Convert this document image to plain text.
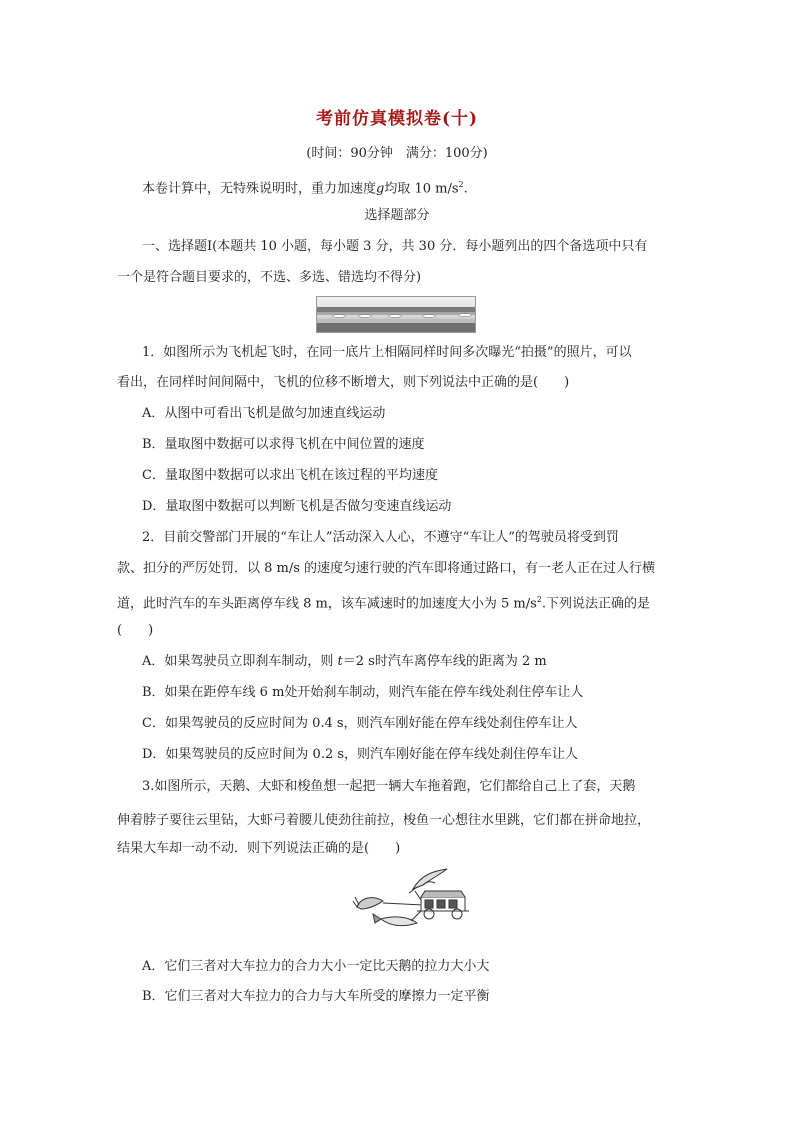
考前仿真模拟卷(十)
(时间：90分钟　满分：100分)
本卷计算中，无特殊说明时，重力加速度g均取 10 $m/s^2$.
选择题部分
一、选择题Ⅰ(本题共 10 小题，每小题 3 分，共 30 分．每小题列出的四个备选项中只有
一个是符合题目要求的，不选、多选、错选均不得分)
1．如图所示为飞机起飞时，在同一底片上相隔同样时间多次曝光“拍摄”的照片，可以
看出，在同样时间间隔中，飞机的位移不断增大，则下列说法中正确的是(　　)
A．从图中可看出飞机是做匀加速直线运动
B．量取图中数据可以求得飞机在中间位置的速度
C．量取图中数据可以求出飞机在该过程的平均速度
D．量取图中数据可以判断飞机是否做匀变速直线运动
2．目前交警部门开展的“车让人”活动深入人心，不遵守“车让人”的驾驶员将受到罚
款、扣分的严厉处罚．以 8 m/s 的速度匀速行驶的汽车即将通过路口，有一老人正在过人行横
道，此时汽车的车头距离停车线 8 m，该车减速时的加速度大小为 5 $m/s^2$.下列说法正确的是
(　　)
A．如果驾驶员立即刹车制动，则 t＝2 s时汽车离停车线的距离为 2 m
B．如果在距停车线 6 m处开始刹车制动，则汽车能在停车线处刹住停车让人
C．如果驾驶员的反应时间为 0.4 s，则汽车刚好能在停车线处刹住停车让人
D．如果驾驶员的反应时间为 0.2 s，则汽车刚好能在停车线处刹住停车让人
3.如图所示，天鹅、大虾和梭鱼想一起把一辆大车拖着跑，它们都给自己上了套，天鹅
伸着脖子要往云里钻，大虾弓着腰儿使劲往前拉，梭鱼一心想往水里跳，它们都在拼命地拉，
结果大车却一动不动．则下列说法正确的是(　　)
A．它们三者对大车拉力的合力大小一定比天鹅的拉力大小大
B．它们三者对大车拉力的合力与大车所受的摩擦力一定平衡
